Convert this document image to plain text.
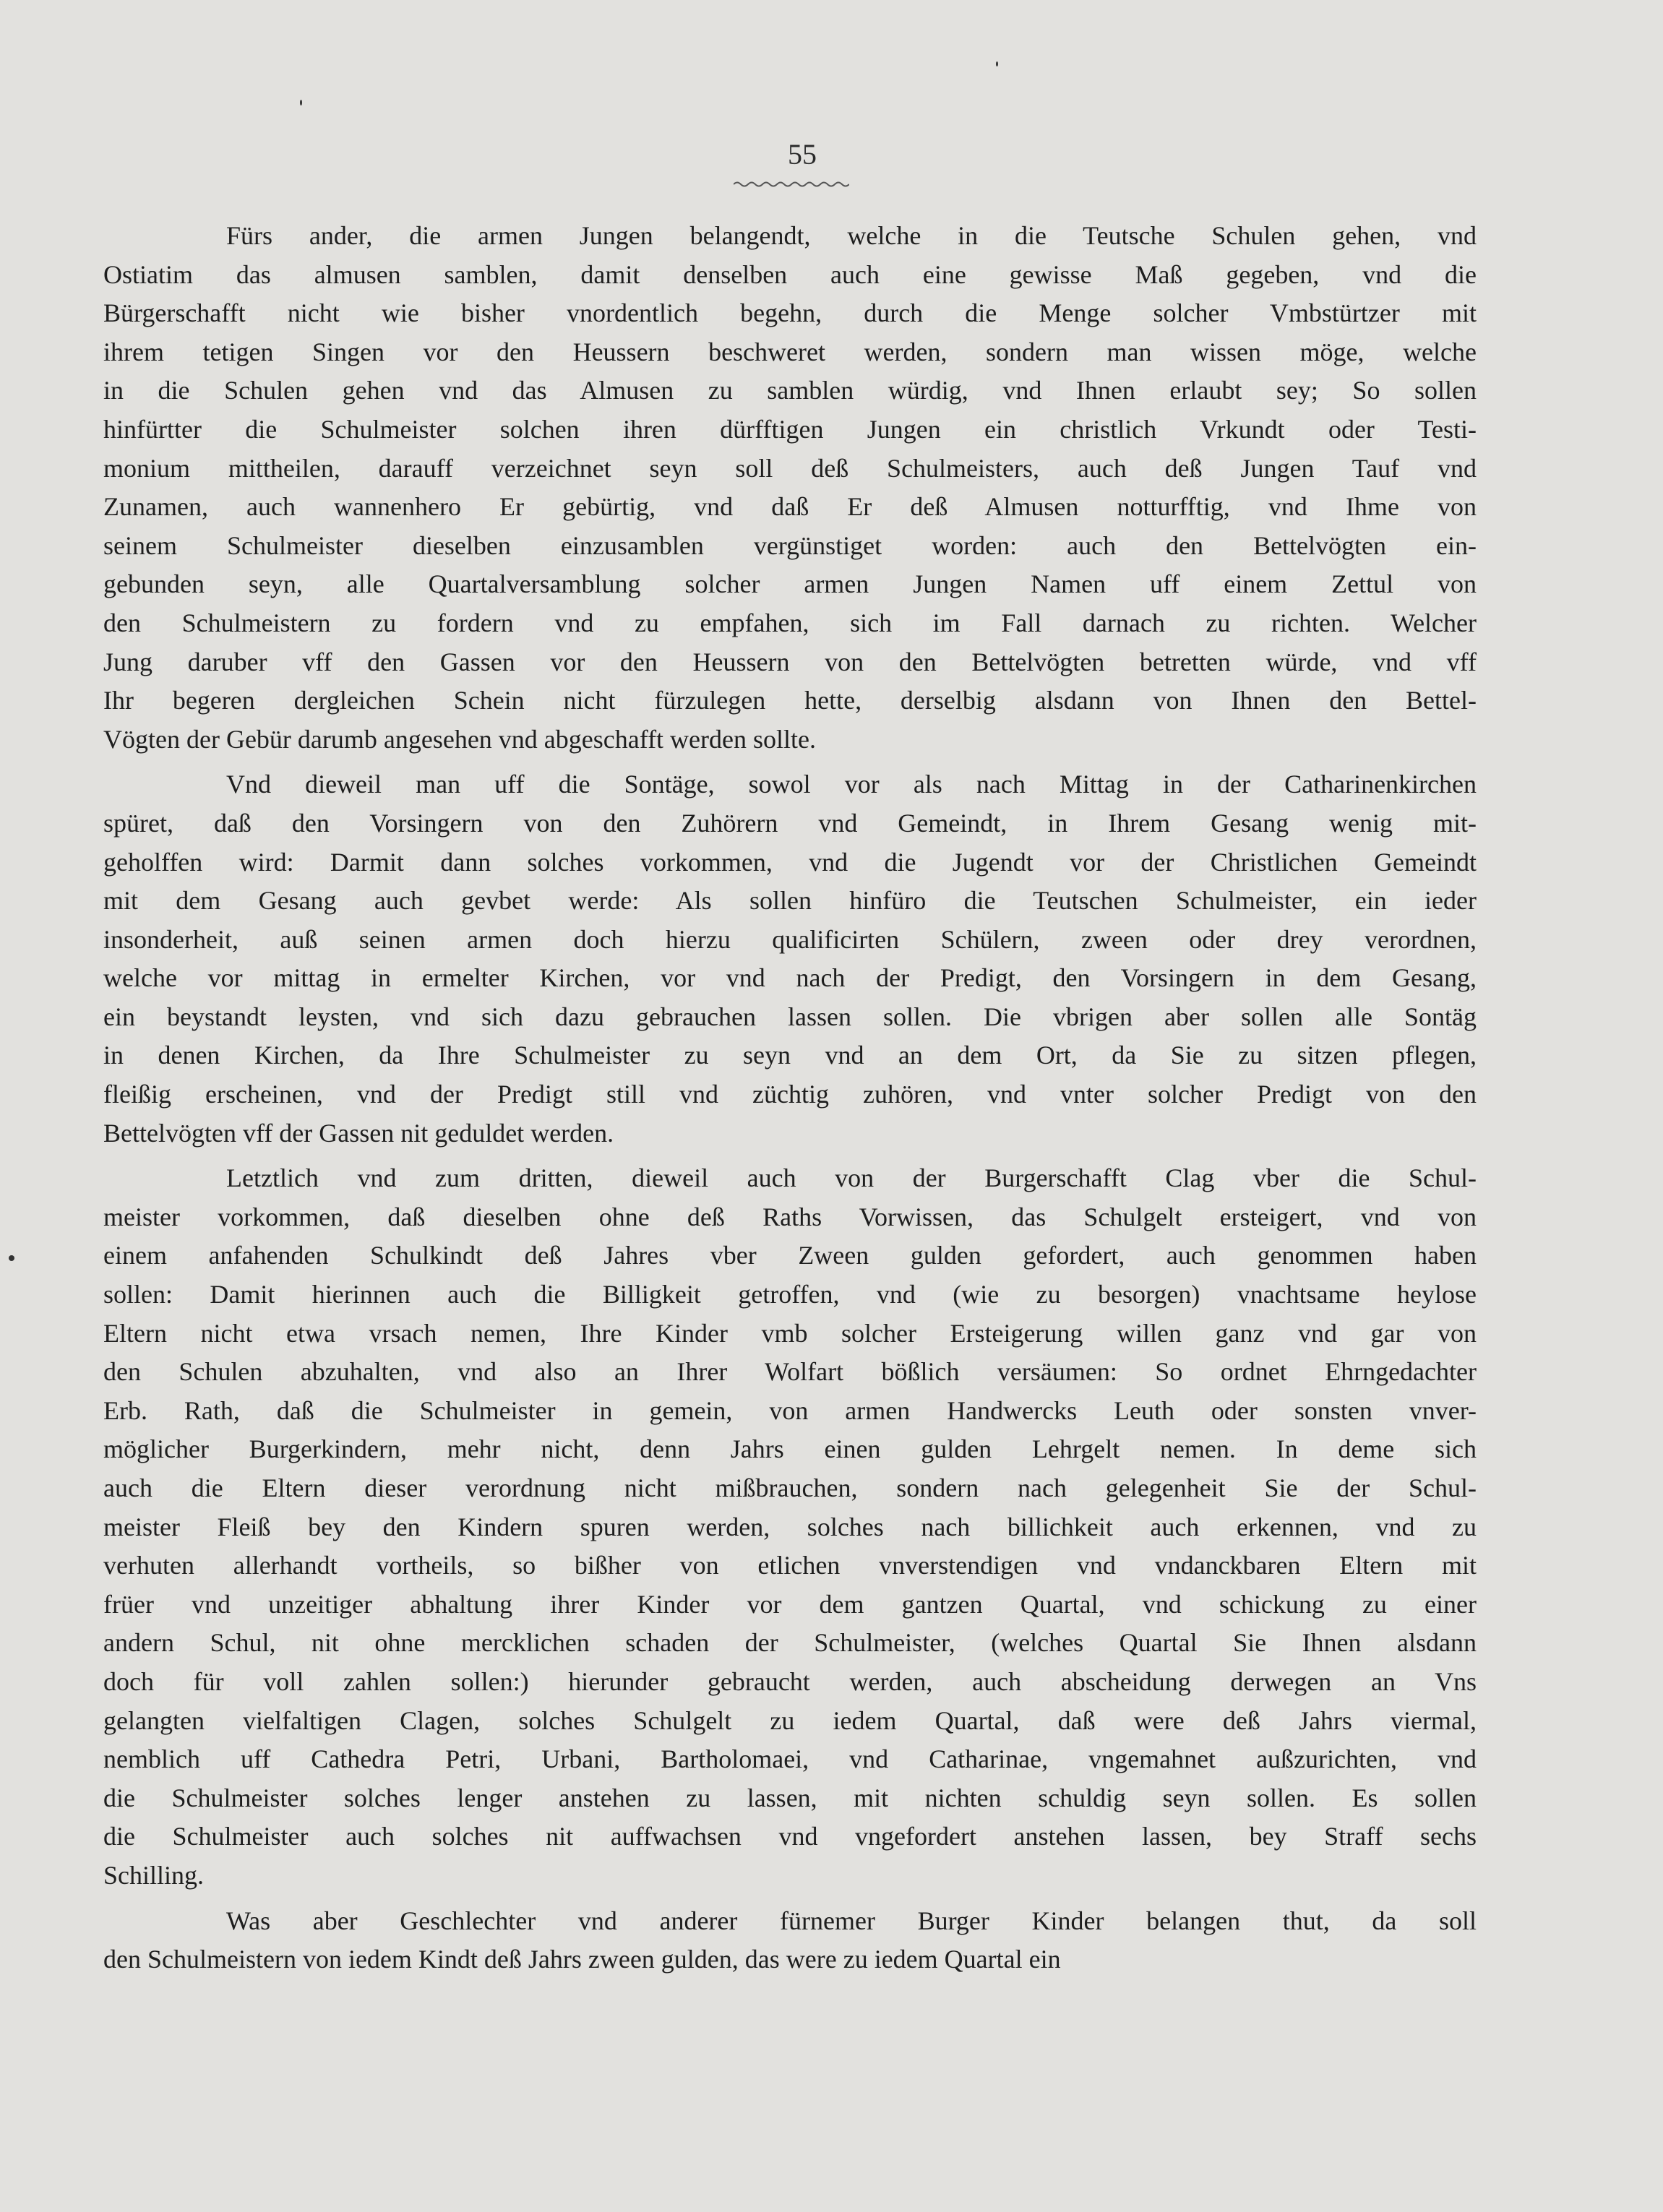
55
Fürs ander, die armen Jungen belangendt, welche in die Teutsche Schulen gehen, vnd
Ostiatim das almusen samblen, damit denselben auch eine gewisse Maß gegeben, vnd die
Bürgerschafft nicht wie bisher vnordentlich begehn, durch die Menge solcher Vmbstürtzer mit
ihrem tetigen Singen vor den Heussern beschweret werden, sondern man wissen möge, welche
in die Schulen gehen vnd das Almusen zu samblen würdig, vnd Ihnen erlaubt sey; So sollen
hinfürtter die Schulmeister solchen ihren dürfftigen Jungen ein christlich Vrkundt oder Testi-
monium mittheilen, darauff verzeichnet seyn soll deß Schulmeisters, auch deß Jungen Tauf vnd
Zunamen, auch wannenhero Er gebürtig, vnd daß Er deß Almusen notturfftig, vnd Ihme von
seinem Schulmeister dieselben einzusamblen vergünstiget worden: auch den Bettelvögten ein-
gebunden seyn, alle Quartalversamblung solcher armen Jungen Namen uff einem Zettul von
den Schulmeistern zu fordern vnd zu empfahen, sich im Fall darnach zu richten. Welcher
Jung daruber vff den Gassen vor den Heussern von den Bettelvögten betretten würde, vnd vff
Ihr begeren dergleichen Schein nicht fürzulegen hette, derselbig alsdann von Ihnen den Bettel-
Vögten der Gebür darumb angesehen vnd abgeschafft werden sollte.
Vnd dieweil man uff die Sontäge, sowol vor als nach Mittag in der Catharinenkirchen
spüret, daß den Vorsingern von den Zuhörern vnd Gemeindt, in Ihrem Gesang wenig mit-
geholffen wird: Darmit dann solches vorkommen, vnd die Jugendt vor der Christlichen Gemeindt
mit dem Gesang auch gevbet werde: Als sollen hinfüro die Teutschen Schulmeister, ein ieder
insonderheit, auß seinen armen doch hierzu qualificirten Schülern, zween oder drey verordnen,
welche vor mittag in ermelter Kirchen, vor vnd nach der Predigt, den Vorsingern in dem Gesang,
ein beystandt leysten, vnd sich dazu gebrauchen lassen sollen. Die vbrigen aber sollen alle Sontäg
in denen Kirchen, da Ihre Schulmeister zu seyn vnd an dem Ort, da Sie zu sitzen pflegen,
fleißig erscheinen, vnd der Predigt still vnd züchtig zuhören, vnd vnter solcher Predigt von den
Bettelvögten vff der Gassen nit geduldet werden.
Letztlich vnd zum dritten, dieweil auch von der Burgerschafft Clag vber die Schul-
meister vorkommen, daß dieselben ohne deß Raths Vorwissen, das Schulgelt ersteigert, vnd von
einem anfahenden Schulkindt deß Jahres vber Zween gulden gefordert, auch genommen haben
sollen: Damit hierinnen auch die Billigkeit getroffen, vnd (wie zu besorgen) vnachtsame heylose
Eltern nicht etwa vrsach nemen, Ihre Kinder vmb solcher Ersteigerung willen ganz vnd gar von
den Schulen abzuhalten, vnd also an Ihrer Wolfart bößlich versäumen: So ordnet Ehrngedachter
Erb. Rath, daß die Schulmeister in gemein, von armen Handwercks Leuth oder sonsten vnver-
möglicher Burgerkindern, mehr nicht, denn Jahrs einen gulden Lehrgelt nemen. In deme sich
auch die Eltern dieser verordnung nicht mißbrauchen, sondern nach gelegenheit Sie der Schul-
meister Fleiß bey den Kindern spuren werden, solches nach billichkeit auch erkennen, vnd zu
verhuten allerhandt vortheils, so bißher von etlichen vnverstendigen vnd vndanckbaren Eltern mit
früer vnd unzeitiger abhaltung ihrer Kinder vor dem gantzen Quartal, vnd schickung zu einer
andern Schul, nit ohne mercklichen schaden der Schulmeister, (welches Quartal Sie Ihnen alsdann
doch für voll zahlen sollen:) hierunder gebraucht werden, auch abscheidung derwegen an Vns
gelangten vielfaltigen Clagen, solches Schulgelt zu iedem Quartal, daß were deß Jahrs viermal,
nemblich uff Cathedra Petri, Urbani, Bartholomaei, vnd Catharinae, vngemahnet außzurichten, vnd
die Schulmeister solches lenger anstehen zu lassen, mit nichten schuldig seyn sollen. Es sollen
die Schulmeister auch solches nit auffwachsen vnd vngefordert anstehen lassen, bey Straff sechs
Schilling.
Was aber Geschlechter vnd anderer fürnemer Burger Kinder belangen thut, da soll
den Schulmeistern von iedem Kindt deß Jahrs zween gulden, das were zu iedem Quartal ein
